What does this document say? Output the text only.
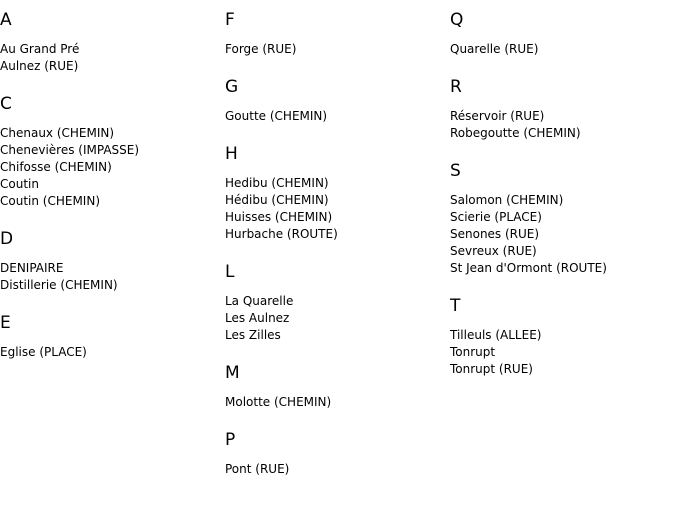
A
Au Grand Pré
Aulnez (RUE)
C
Chenaux (CHEMIN)
Chenevières (IMPASSE)
Chifosse (CHEMIN)
Coutin
Coutin (CHEMIN)
D
DENIPAIRE
Distillerie (CHEMIN)
E
Eglise (PLACE)
F
Forge (RUE)
G
Goutte (CHEMIN)
H
Hedibu (CHEMIN)
Hédibu (CHEMIN)
Huisses (CHEMIN)
Hurbache (ROUTE)
L
La Quarelle
Les Aulnez
Les Zilles
M
Molotte (CHEMIN)
P
Pont (RUE)
Q
Quarelle (RUE)
R
Réservoir (RUE)
Robegoutte (CHEMIN)
S
Salomon (CHEMIN)
Scierie (PLACE)
Senones (RUE)
Sevreux (RUE)
St Jean d'Ormont (ROUTE)
T
Tilleuls (ALLEE)
Tonrupt
Tonrupt (RUE)
